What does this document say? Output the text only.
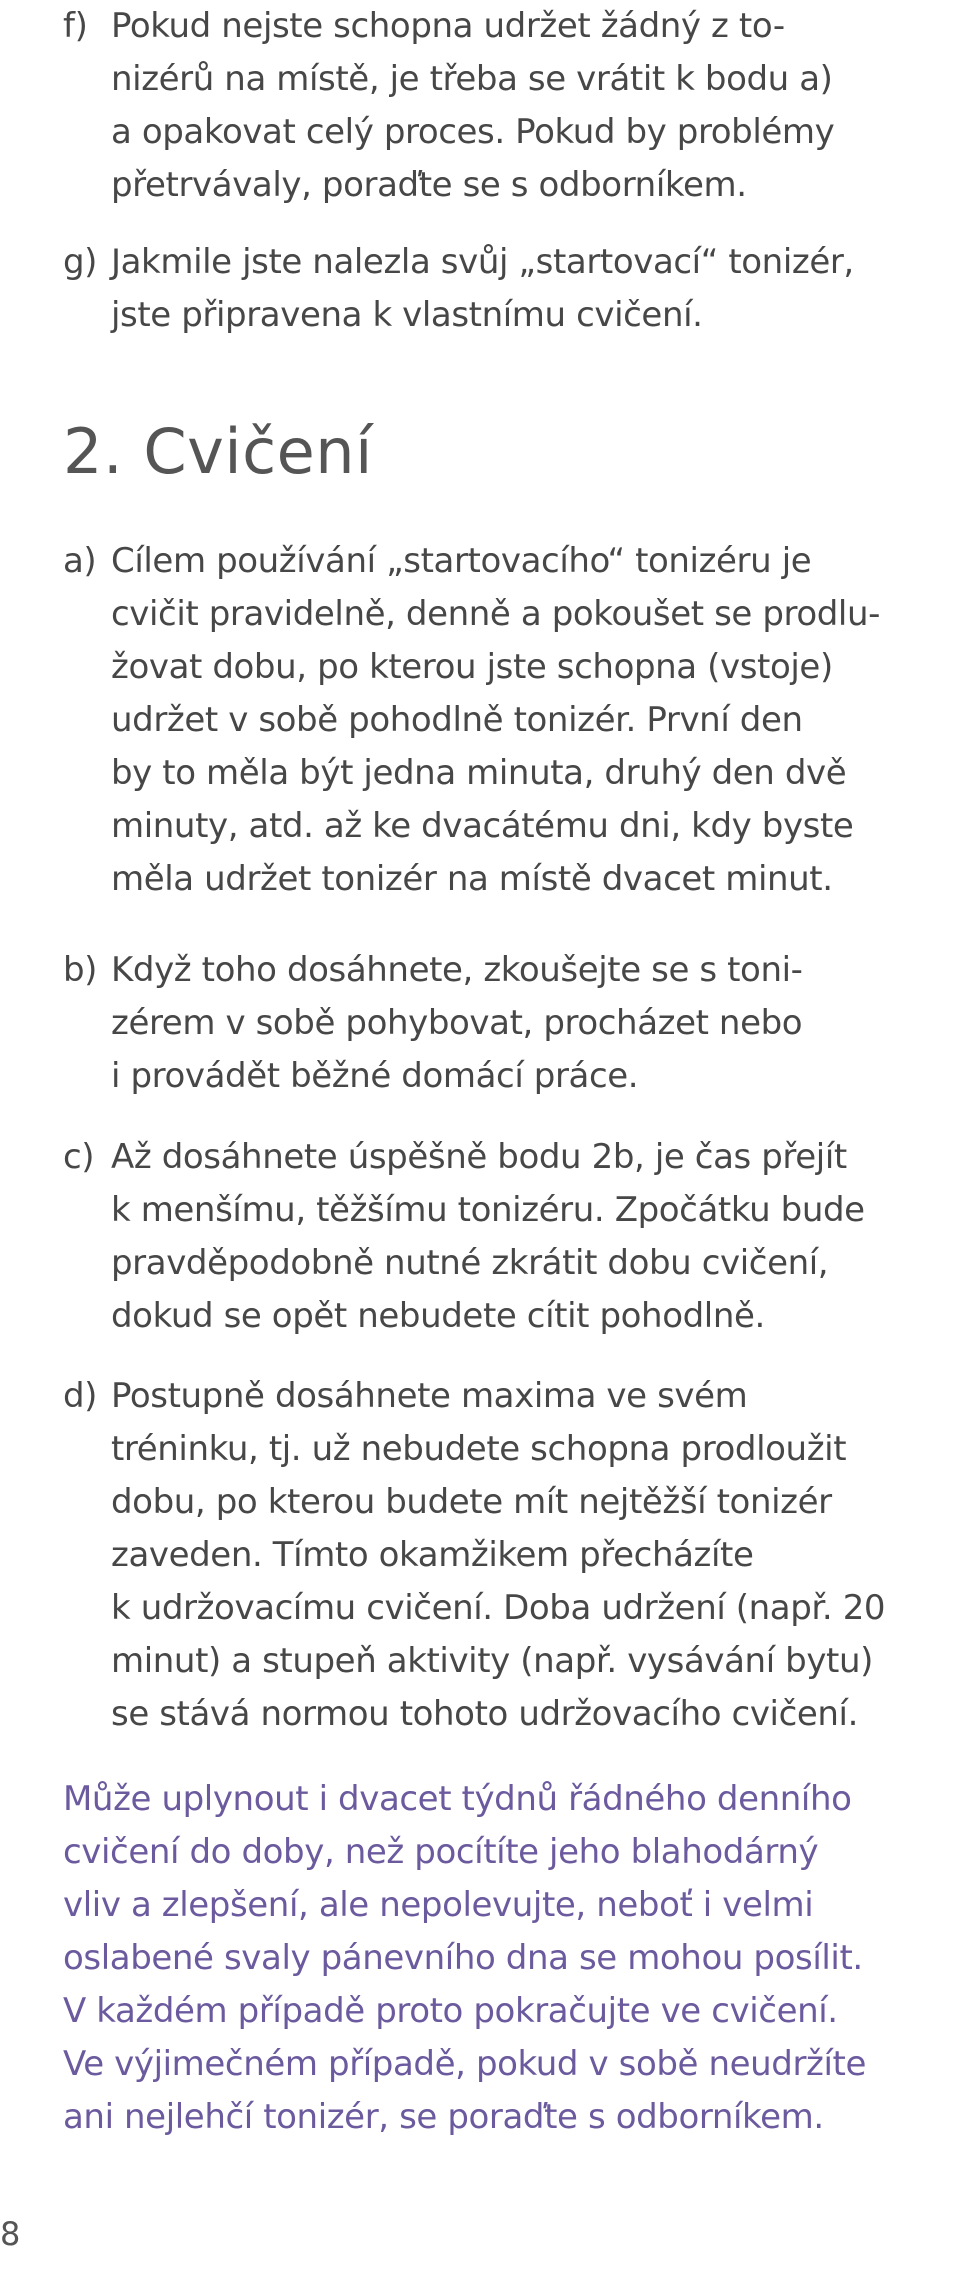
f) Pokud nejste schopna udržet žádný z to-
nizérů na místě, je třeba se vrátit k bodu a)
a opakovat celý proces. Pokud by problémy
přetrvávaly, poraďte se s odborníkem.
g) Jakmile jste nalezla svůj „startovací“ tonizér,
jste připravena k vlastnímu cvičení.
2. Cvičení
a) Cílem používání „startovacího“ tonizéru je
cvičit pravidelně, denně a pokoušet se prodlu-
žovat dobu, po kterou jste schopna (vstoje)
udržet v sobě pohodlně tonizér. První den
by to měla být jedna minuta, druhý den dvě
minuty, atd. až ke dvacátému dni, kdy byste
měla udržet tonizér na místě dvacet minut.
b) Když toho dosáhnete, zkoušejte se s toni-
zérem v sobě pohybovat, procházet nebo
i provádět běžné domácí práce.
c) Až dosáhnete úspěšně bodu 2b, je čas přejít
k menšímu, těžšímu tonizéru. Zpočátku bude
pravděpodobně nutné zkrátit dobu cvičení,
dokud se opět nebudete cítit pohodlně.
d) Postupně dosáhnete maxima ve svém
tréninku, tj. už nebudete schopna prodloužit
dobu, po kterou budete mít nejtěžší tonizér
zaveden. Tímto okamžikem přecházíte
k udržovacímu cvičení. Doba udržení (např. 20
minut) a stupeň aktivity (např. vysávání bytu)
se stává normou tohoto udržovacího cvičení.
Může uplynout i dvacet týdnů řádného denního
cvičení do doby, než pocítíte jeho blahodárný
vliv a zlepšení, ale nepolevujte, neboť i velmi
oslabené svaly pánevního dna se mohou posílit.
V každém případě proto pokračujte ve cvičení.
Ve výjimečném případě, pokud v sobě neudržíte
ani nejlehčí tonizér, se poraďte s odborníkem.
8
